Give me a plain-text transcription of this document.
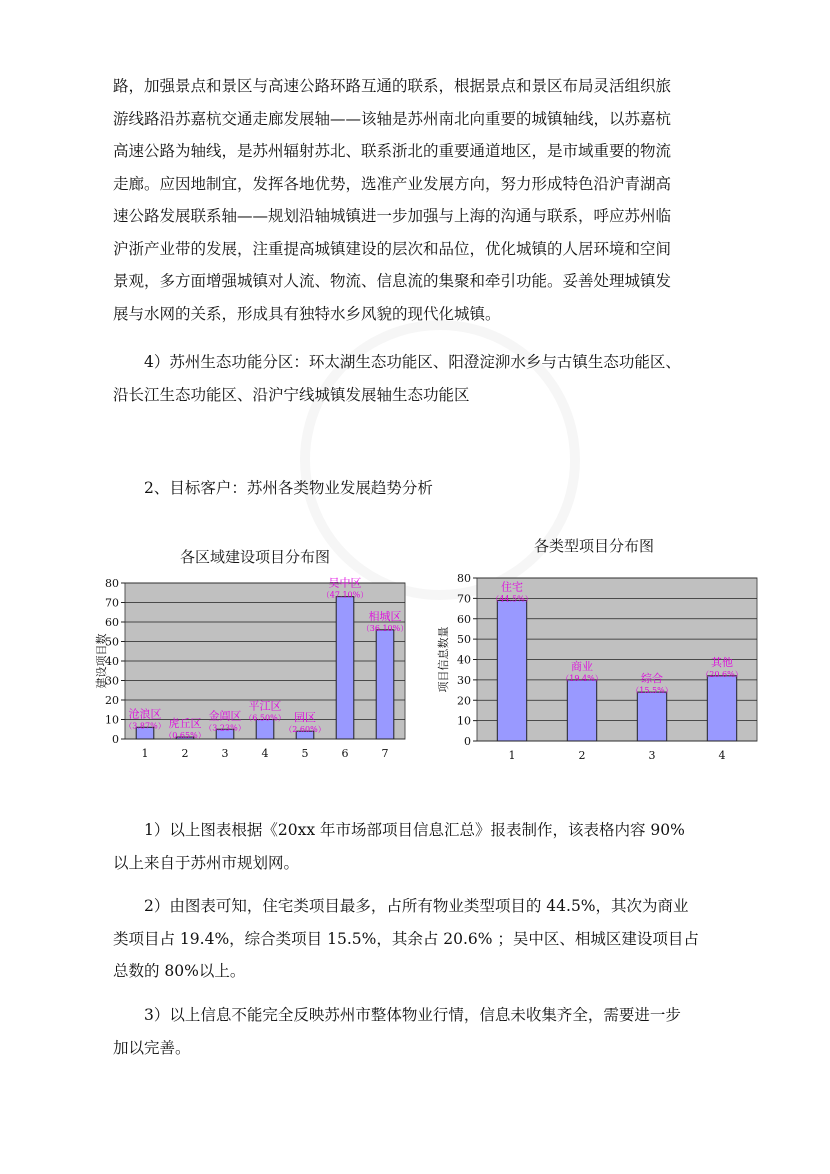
路，加强景点和景区与高速公路环路互通的联系，根据景点和景区布局灵活组织旅
游线路沿苏嘉杭交通走廊发展轴——该轴是苏州南北向重要的城镇轴线，以苏嘉杭
高速公路为轴线，是苏州辐射苏北、联系浙北的重要通道地区，是市域重要的物流
走廊。应因地制宜，发挥各地优势，选准产业发展方向，努力形成特色沿沪青湖高
速公路发展联系轴——规划沿轴城镇进一步加强与上海的沟通与联系，呼应苏州临
沪浙产业带的发展，注重提高城镇建设的层次和品位，优化城镇的人居环境和空间
景观，多方面增强城镇对人流、物流、信息流的集聚和牵引功能。妥善处理城镇发
展与水网的关系，形成具有独特水乡风貌的现代化城镇。
4）苏州生态功能分区：环太湖生态功能区、阳澄淀泖水乡与古镇生态功能区、
沿长江生态功能区、沿沪宁线城镇发展轴生态功能区
2、目标客户：苏州各类物业发展趋势分析
各区域建设项目分布图
0
10
20
30
40
50
60
70
80
建设项目数
1
沧浪区
（3.87%）
2
虎丘区
（0.65%）
3
金阊区
（3.23%）
4
平江区
（6.50%）
5
园区
（2.60%）
6
吴中区
（47.10%）
7
相城区
（36.10%）
各类型项目分布图
0
10
20
30
40
50
60
70
80
项目信息数量
1
住宅
（44.5%）
2
商业
（19.4%）
3
综合
（15.5%）
4
其他
（20.6%）
1）以上图表根据《20xx 年市场部项目信息汇总》报表制作，该表格内容 90%
以上来自于苏州市规划网。
2）由图表可知，住宅类项目最多，占所有物业类型项目的 44.5%，其次为商业
类项目占 19.4%，综合类项目 15.5%，其余占 20.6% ；吴中区、相城区建设项目占
总数的 80%以上。
3）以上信息不能完全反映苏州市整体物业行情，信息未收集齐全，需要进一步
加以完善。
